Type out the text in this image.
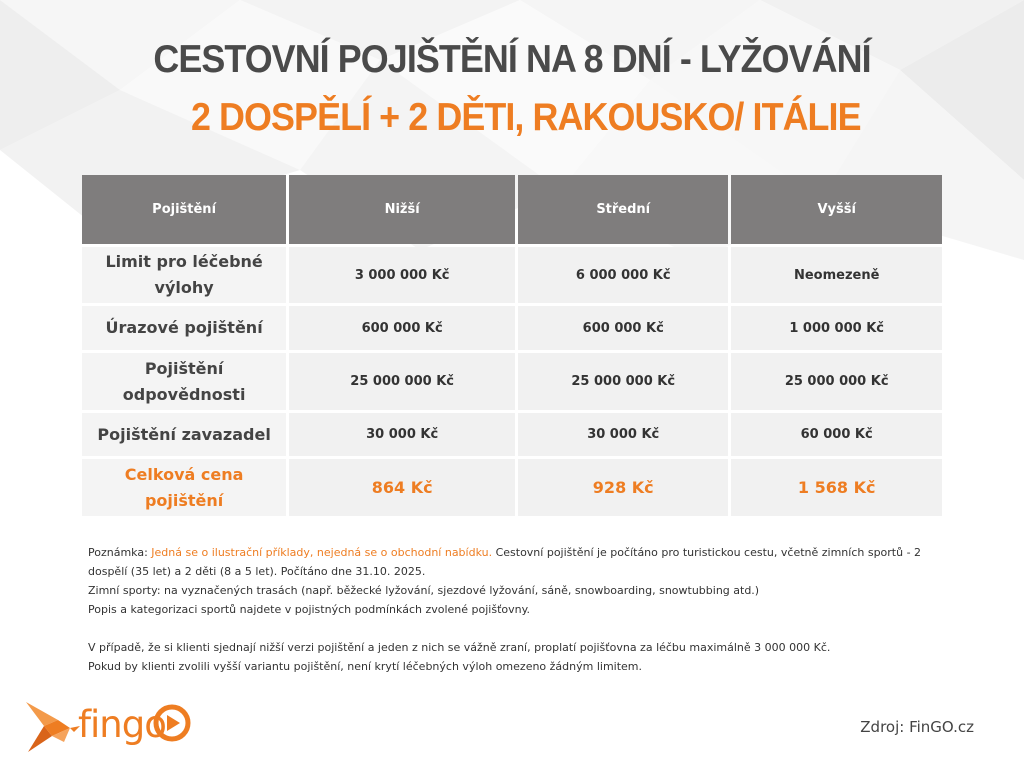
CESTOVNÍ POJIŠTĚNÍ NA 8 DNÍ - LYŽOVÁNÍ
2 DOSPĚLÍ + 2 DĚTI, RAKOUSKO/ ITÁLIE
Pojištění	Nižší	Střední	Vyšší
Limit pro léčebné výlohy	3 000 000 Kč	6 000 000 Kč	Neomezeně
Úrazové pojištění	600 000 Kč	600 000 Kč	1 000 000 Kč
Pojištění odpovědnosti	25 000 000 Kč	25 000 000 Kč	25 000 000 Kč
Pojištění zavazadel	30 000 Kč	30 000 Kč	60 000 Kč
Celková cena pojištění	864 Kč	928 Kč	1 568 Kč

Poznámka: Jedná se o ilustrační příklady, nejedná se o obchodní nabídku. Cestovní pojištění je počítáno pro turistickou cestu, včetně zimních sportů - 2 dospělí (35 let) a 2 děti (8 a 5 let). Počítáno dne 31.10. 2025.

Zimní sporty: na vyznačených trasách (např. běžecké lyžování, sjezdové lyžování, sáně, snowboarding, snowtubbing atd.)

Popis a kategorizaci sportů najdete v pojistných podmínkách zvolené pojišťovny.

V případě, že si klienti sjednají nižší verzi pojištění a jeden z nich se vážně zraní, proplatí pojišťovna za léčbu maximálně 3 000 000 Kč.

Pokud by klienti zvolili vyšší variantu pojištění, není krytí léčebných výloh omezeno žádným limitem.

fingo	Zdroj: FinGO.cz
